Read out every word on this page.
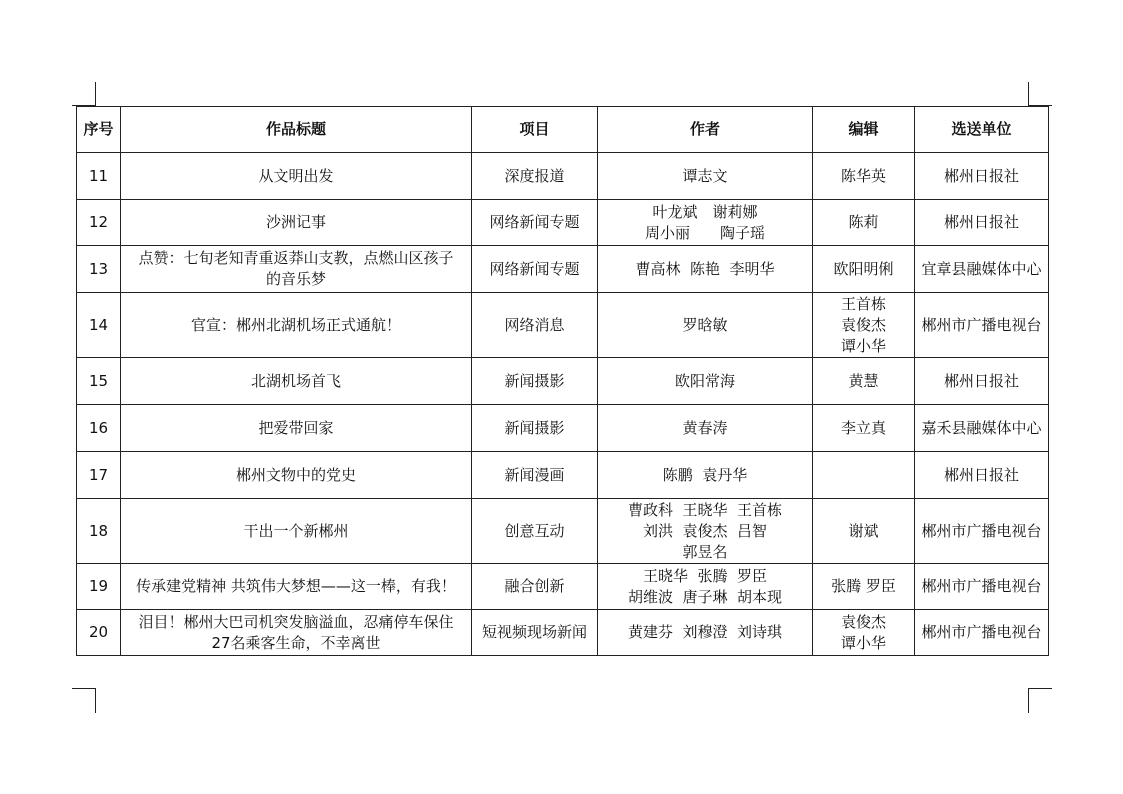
序号	作品标题	项目	作者	编辑	选送单位
11	从文明出发	深度报道	谭志文	陈华英	郴州日报社
12	沙洲记事	网络新闻专题	叶龙斌　谢莉娜
周小丽　　陶子瑶	陈莉	郴州日报社
13	点赞：七旬老知青重返莽山支教，点燃山区孩子
的音乐梦	网络新闻专题	曹高林  陈艳  李明华	欧阳明俐	宜章县融媒体中心
14	官宣：郴州北湖机场正式通航！	网络消息	罗晗敏	王首栋
袁俊杰
谭小华	郴州市广播电视台
15	北湖机场首飞	新闻摄影	欧阳常海	黄慧	郴州日报社
16	把爱带回家	新闻摄影	黄春涛	李立真	嘉禾县融媒体中心
17	郴州文物中的党史	新闻漫画	陈鹏  袁丹华		郴州日报社
18	干出一个新郴州	创意互动	曹政科  王晓华  王首栋
刘洪  袁俊杰  吕智
郭昱名	谢斌	郴州市广播电视台
19	传承建党精神 共筑伟大梦想——这一棒，有我！	融合创新	王晓华  张腾  罗臣
胡维波  唐子琳  胡本现	张腾 罗臣	郴州市广播电视台
20	泪目！郴州大巴司机突发脑溢血，忍痛停车保住
27名乘客生命，不幸离世	短视频现场新闻	黄建芬  刘穆澄  刘诗琪	袁俊杰
谭小华	郴州市广播电视台
